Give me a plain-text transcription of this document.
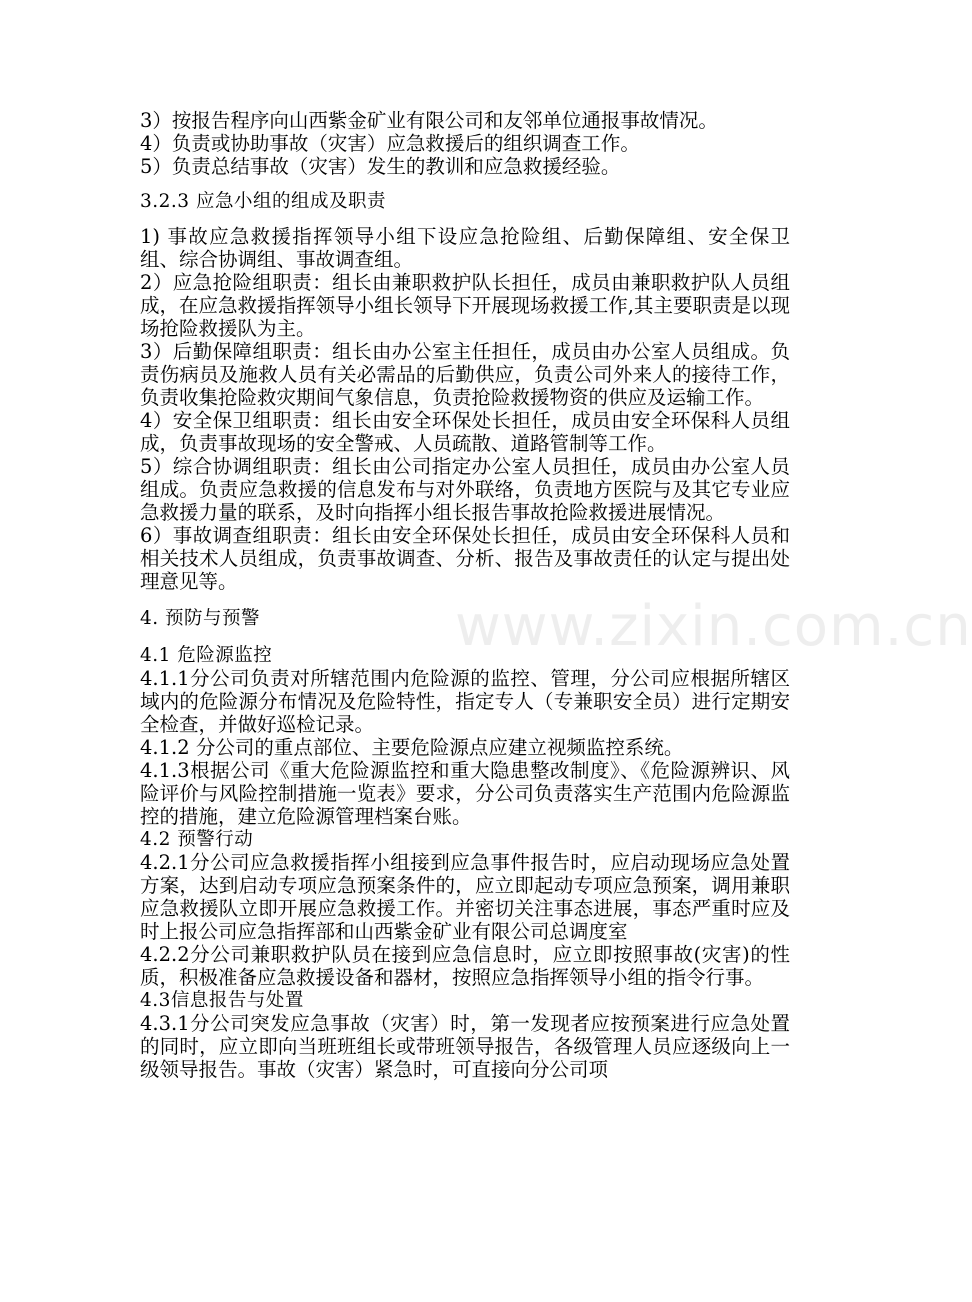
www.zixin.com.cn

3）按报告程序向山西紫金矿业有限公司和友邻单位通报事故情况。

4）负责或协助事故（灾害）应急救援后的组织调查工作。

5）负责总结事故（灾害）发生的教训和应急救援经验。

3.2.3 应急小组的组成及职责

1) 事故应急救援指挥领导小组下设应急抢险组、后勤保障组、安全保卫组、综合协调组、事故调查组。

2）应急抢险组职责：组长由兼职救护队长担任，成员由兼职救护队人员组成，在应急救援指挥领导小组长领导下开展现场救援工作,其主要职责是以现场抢险救援队为主。

3）后勤保障组职责：组长由办公室主任担任，成员由办公室人员组成。负责伤病员及施救人员有关必需品的后勤供应，负责公司外来人的接待工作，负责收集抢险救灾期间气象信息，负责抢险救援物资的供应及运输工作。

4）安全保卫组职责：组长由安全环保处长担任，成员由安全环保科人员组成，负责事故现场的安全警戒、人员疏散、道路管制等工作。

5）综合协调组职责：组长由公司指定办公室人员担任，成员由办公室人员组成。负责应急救援的信息发布与对外联络，负责地方医院与及其它专业应急救援力量的联系，及时向指挥小组长报告事故抢险救援进展情况。

6）事故调查组职责：组长由安全环保处长担任，成员由安全环保科人员和相关技术人员组成，负责事故调查、分析、报告及事故责任的认定与提出处理意见等。

4. 预防与预警

4.1 危险源监控

4.1.1分公司负责对所辖范围内危险源的监控、管理，分公司应根据所辖区域内的危险源分布情况及危险特性，指定专人（专兼职安全员）进行定期安全检查，并做好巡检记录。

4.1.2 分公司的重点部位、主要危险源点应建立视频监控系统。

4.1.3根据公司《重大危险源监控和重大隐患整改制度》、《危险源辨识、风险评价与风险控制措施一览表》要求，分公司负责落实生产范围内危险源监控的措施，建立危险源管理档案台账。

4.2 预警行动

4.2.1分公司应急救援指挥小组接到应急事件报告时，应启动现场应急处置方案，达到启动专项应急预案条件的，应立即起动专项应急预案，调用兼职应急救援队立即开展应急救援工作。并密切关注事态进展，事态严重时应及时上报公司应急指挥部和山西紫金矿业有限公司总调度室

4.2.2分公司兼职救护队员在接到应急信息时，应立即按照事故(灾害)的性质，积极准备应急救援设备和器材，按照应急指挥领导小组的指令行事。

4.3信息报告与处置

4.3.1分公司突发应急事故（灾害）时，第一发现者应按预案进行应急处置的同时，应立即向当班班组长或带班领导报告，各级管理人员应逐级向上一级领导报告。事故（灾害）紧急时，可直接向分公司项
